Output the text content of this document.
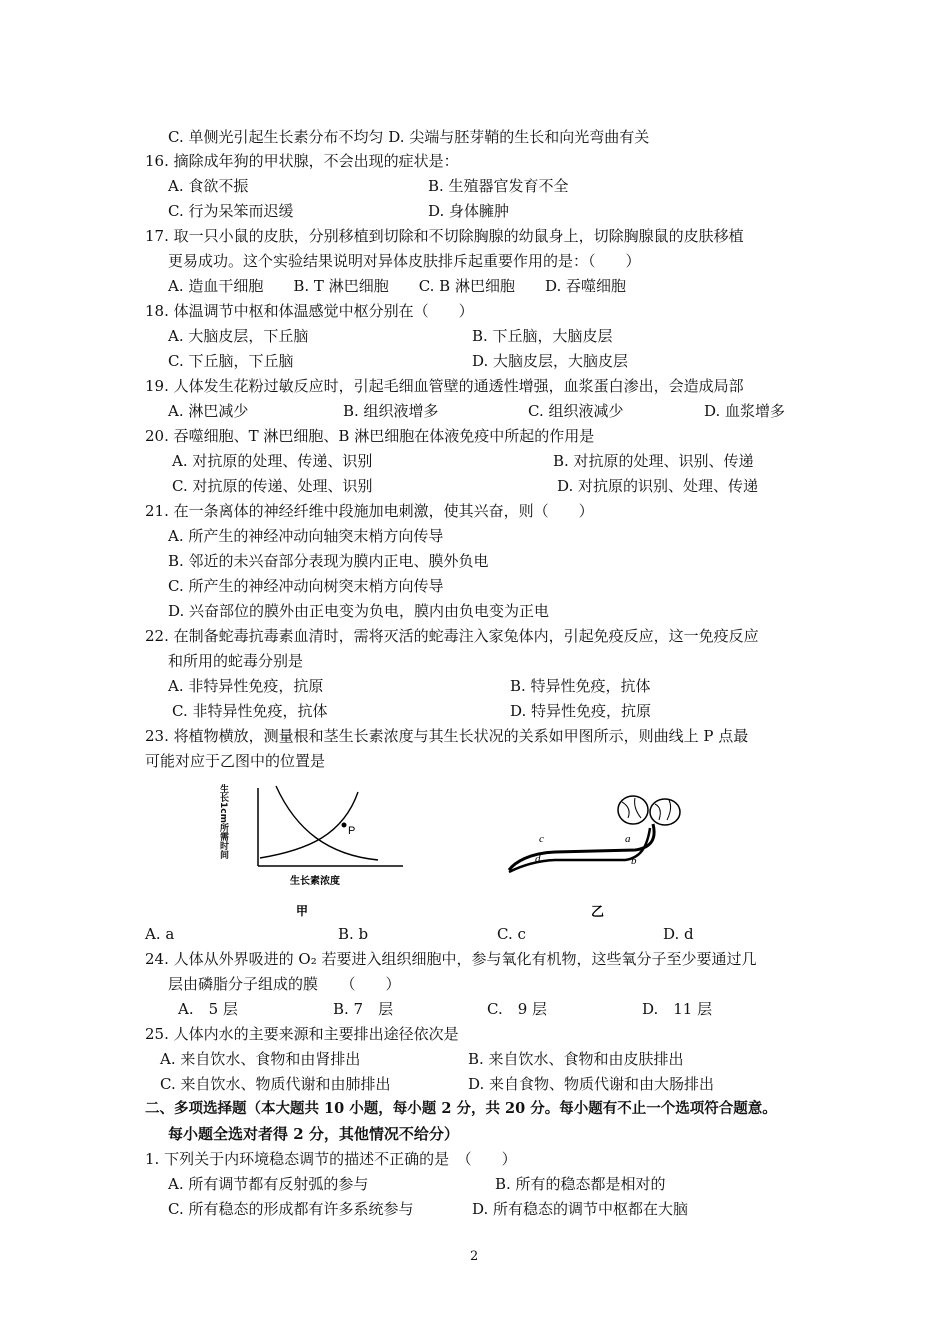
C. 单侧光引起生长素分布不均匀 D. 尖端与胚芽鞘的生长和向光弯曲有关
16. 摘除成年狗的甲状腺，不会出现的症状是：
A. 食欲不振	B. 生殖器官发育不全
C. 行为呆笨而迟缓	D. 身体臃肿
17. 取一只小鼠的皮肤，分别移植到切除和不切除胸腺的幼鼠身上，切除胸腺鼠的皮肤移植
更易成功。这个实验结果说明对异体皮肤排斥起重要作用的是：（　　）
A. 造血干细胞　　B. T 淋巴细胞　　C. B 淋巴细胞　　D. 吞噬细胞
18. 体温调节中枢和体温感觉中枢分别在（　　）
A. 大脑皮层，下丘脑	B. 下丘脑，大脑皮层
C. 下丘脑，下丘脑	D. 大脑皮层，大脑皮层
19. 人体发生花粉过敏反应时，引起毛细血管壁的通透性增强，血浆蛋白渗出，会造成局部
A. 淋巴减少	B. 组织液增多	C. 组织液减少	D. 血浆增多
20. 吞噬细胞、T 淋巴细胞、B 淋巴细胞在体液免疫中所起的作用是
A. 对抗原的处理、传递、识别	B. 对抗原的处理、识别、传递
C. 对抗原的传递、处理、识别	D. 对抗原的识别、处理、传递
21. 在一条离体的神经纤维中段施加电刺激，使其兴奋，则（　　）
A. 所产生的神经冲动向轴突末梢方向传导
B. 邻近的未兴奋部分表现为膜内正电、膜外负电
C. 所产生的神经冲动向树突末梢方向传导
D. 兴奋部位的膜外由正电变为负电，膜内由负电变为正电
22. 在制备蛇毒抗毒素血清时，需将灭活的蛇毒注入家兔体内，引起免疫反应，这一免疫反应
和所用的蛇毒分别是
A. 非特异性免疫，抗原	B. 特异性免疫，抗体
C. 非特异性免疫，抗体	D. 特异性免疫，抗原
23. 将植物横放，测量根和茎生长素浓度与其生长状况的关系如甲图所示，则曲线上 P 点最
可能对应于乙图中的位置是
P
生长1cm所需时间
生长素浓度
甲
c
d
a
b
乙
A. a	B. b	C. c	D. d
24. 人体从外界吸进的 O₂ 若要进入组织细胞中，参与氧化有机物，这些氧分子至少要通过几
层由磷脂分子组成的膜　　（　　）
A.　5 层	B. 7　层	C.　9 层	D.　11 层
25. 人体内水的主要来源和主要排出途径依次是
A. 来自饮水、食物和由肾排出	B. 来自饮水、食物和由皮肤排出
C. 来自饮水、物质代谢和由肺排出	D. 来自食物、物质代谢和由大肠排出
二、多项选择题（本大题共 10 小题，每小题 2 分，共 20 分。每小题有不止一个选项符合题意。
每小题全选对者得 2 分，其他情况不给分）
1. 下列关于内环境稳态调节的描述不正确的是　（　　）
A. 所有调节都有反射弧的参与	B. 所有的稳态都是相对的
C. 所有稳态的形成都有许多系统参与	D. 所有稳态的调节中枢都在大脑
2
